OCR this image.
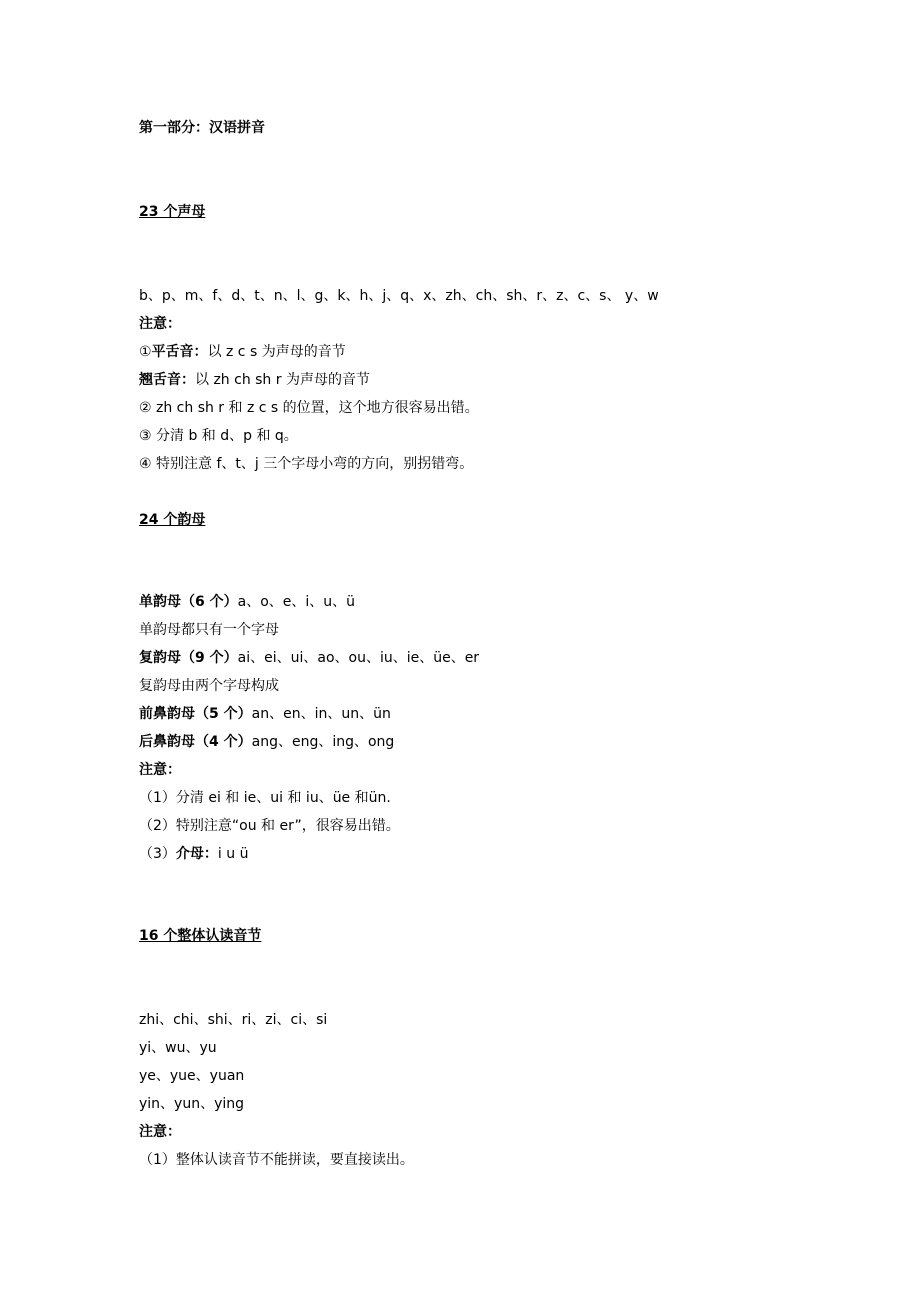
第一部分：汉语拼音
23 个声母
b、p、m、f、d、t、n、l、g、k、h、j、q、x、zh、ch、sh、r、z、c、s、 y、w
注意：
①平舌音：以 z c s 为声母的音节
翘舌音：以 zh ch sh r 为声母的音节
② zh ch sh r 和 z c s 的位置，这个地方很容易出错。
③ 分清 b 和 d、p 和 q。
④ 特别注意 f、t、j 三个字母小弯的方向，别拐错弯。
24 个韵母
单韵母（6 个）a、o、e、i、u、ü
单韵母都只有一个字母
复韵母（9 个）ai、ei、ui、ao、ou、iu、ie、üe、er
复韵母由两个字母构成
前鼻韵母（5 个）an、en、in、un、ün
后鼻韵母（4 个）ang、eng、ing、ong
注意：
（1）分清 ei 和 ie、ui 和 iu、üe 和ün.
（2）特别注意“ou 和 er”，很容易出错。
（3）介母：i u ü
16 个整体认读音节
zhi、chi、shi、ri、zi、ci、si
yi、wu、yu
ye、yue、yuan
yin、yun、ying
注意：
（1）整体认读音节不能拼读，要直接读出。
